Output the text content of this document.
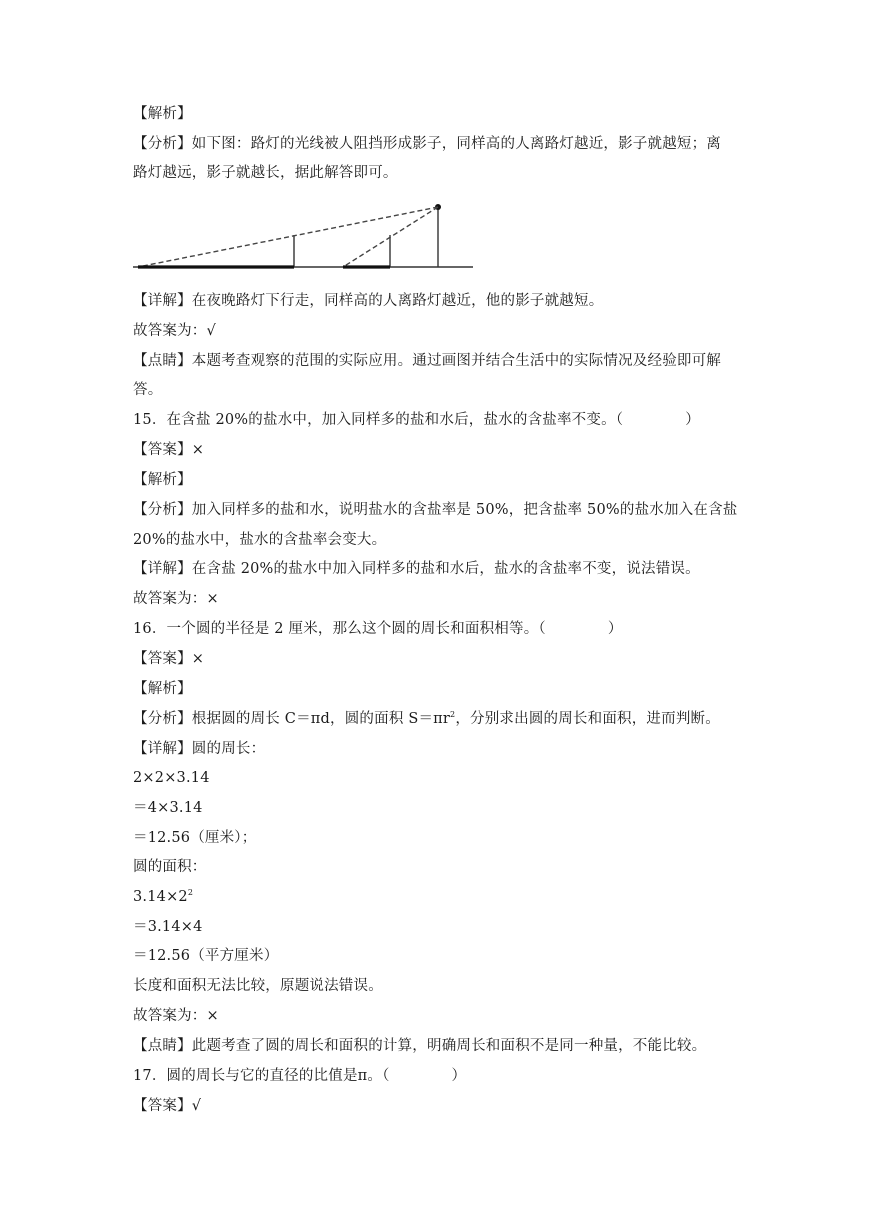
【解析】
【分析】如下图：路灯的光线被人阻挡形成影子，同样高的人离路灯越近，影子就越短；离
路灯越远，影子就越长，据此解答即可。
【详解】在夜晚路灯下行走，同样高的人离路灯越近，他的影子就越短。
故答案为：√
【点睛】本题考查观察的范围的实际应用。通过画图并结合生活中的实际情况及经验即可解
答。
15．在含盐 20%的盐水中，加入同样多的盐和水后，盐水的含盐率不变。（	）
【答案】×
【解析】
【分析】加入同样多的盐和水，说明盐水的含盐率是 50%，把含盐率 50%的盐水加入在含盐
20%的盐水中，盐水的含盐率会变大。
【详解】在含盐 20%的盐水中加入同样多的盐和水后，盐水的含盐率不变，说法错误。
故答案为：×
16．一个圆的半径是 2 厘米，那么这个圆的周长和面积相等。（	）
【答案】×
【解析】
【分析】根据圆的周长 C＝πd，圆的面积 $S=\pi r^2$，分别求出圆的周长和面积，进而判断。
【详解】圆的周长：
2×2×3.14
＝4×3.14
＝12.56（厘米）；
圆的面积：
$3.14\times 2^2$
＝3.14×4
＝12.56（平方厘米）
长度和面积无法比较，原题说法错误。
故答案为：×
【点睛】此题考查了圆的周长和面积的计算，明确周长和面积不是同一种量，不能比较。
17．圆的周长与它的直径的比值是π。（	）
【答案】√
